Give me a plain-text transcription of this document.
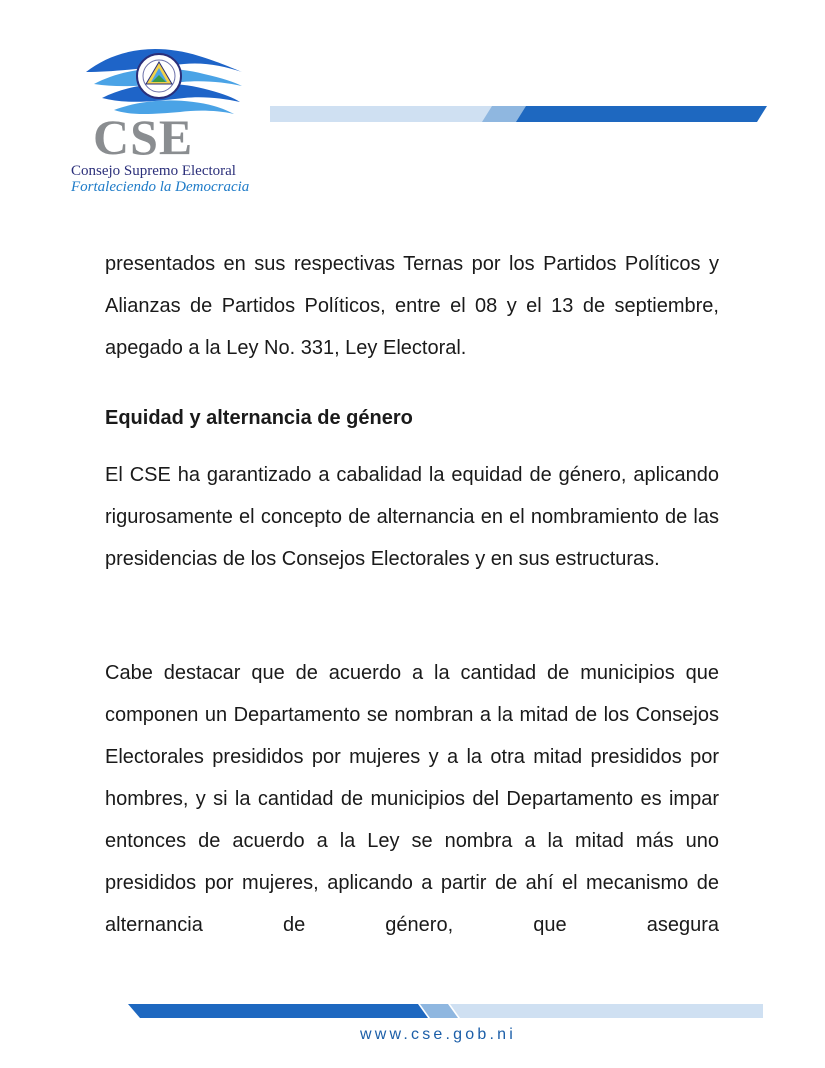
CSE
Consejo Supremo Electoral
Fortaleciendo la Democracia

presentados en sus respectivas Ternas por los Partidos Políticos y Alianzas de Partidos Políticos, entre el 08 y el 13 de septiembre, apegado a la Ley No. 331, Ley Electoral.

Equidad y alternancia de género

El CSE ha garantizado a cabalidad la equidad de género, aplicando rigurosamente el concepto de alternancia en el nombramiento de las presidencias de los Consejos Electorales y en sus estructuras.

Cabe destacar que de acuerdo a la cantidad de municipios que componen un Departamento se nombran a la mitad de los Consejos Electorales presididos por mujeres y a la otra mitad presididos por hombres, y si la cantidad de municipios del Departamento es impar entonces de acuerdo a la Ley se nombra a la mitad más uno presididos por mujeres, aplicando a partir de ahí el mecanismo de alternancia de género, que asegura

www.cse.gob.ni
